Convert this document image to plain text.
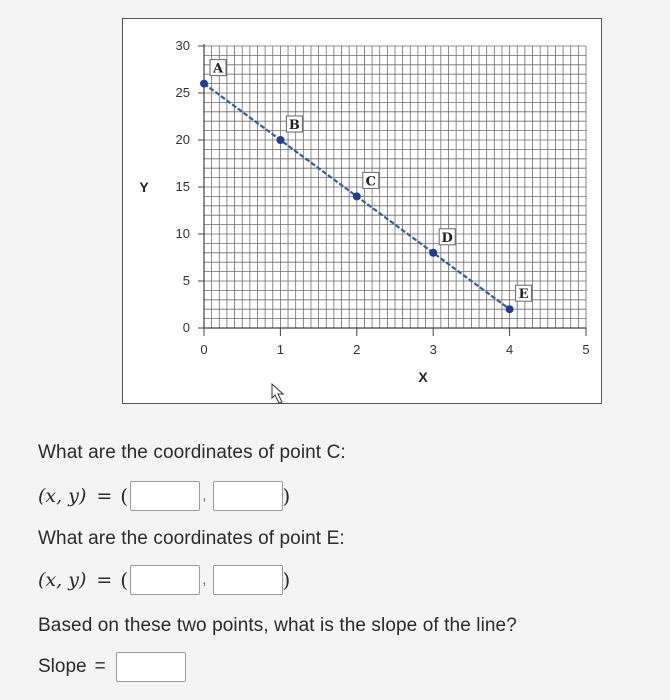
0
5
10
15
20
25
30
0	1	2	3	4	5
X
Y
A
B
C
D
E
What are the coordinates of point C:
(x, y) = (	,	)
What are the coordinates of point E:
(x, y) = (	,	)
Based on these two points, what is the slope of the line?
Slope =
